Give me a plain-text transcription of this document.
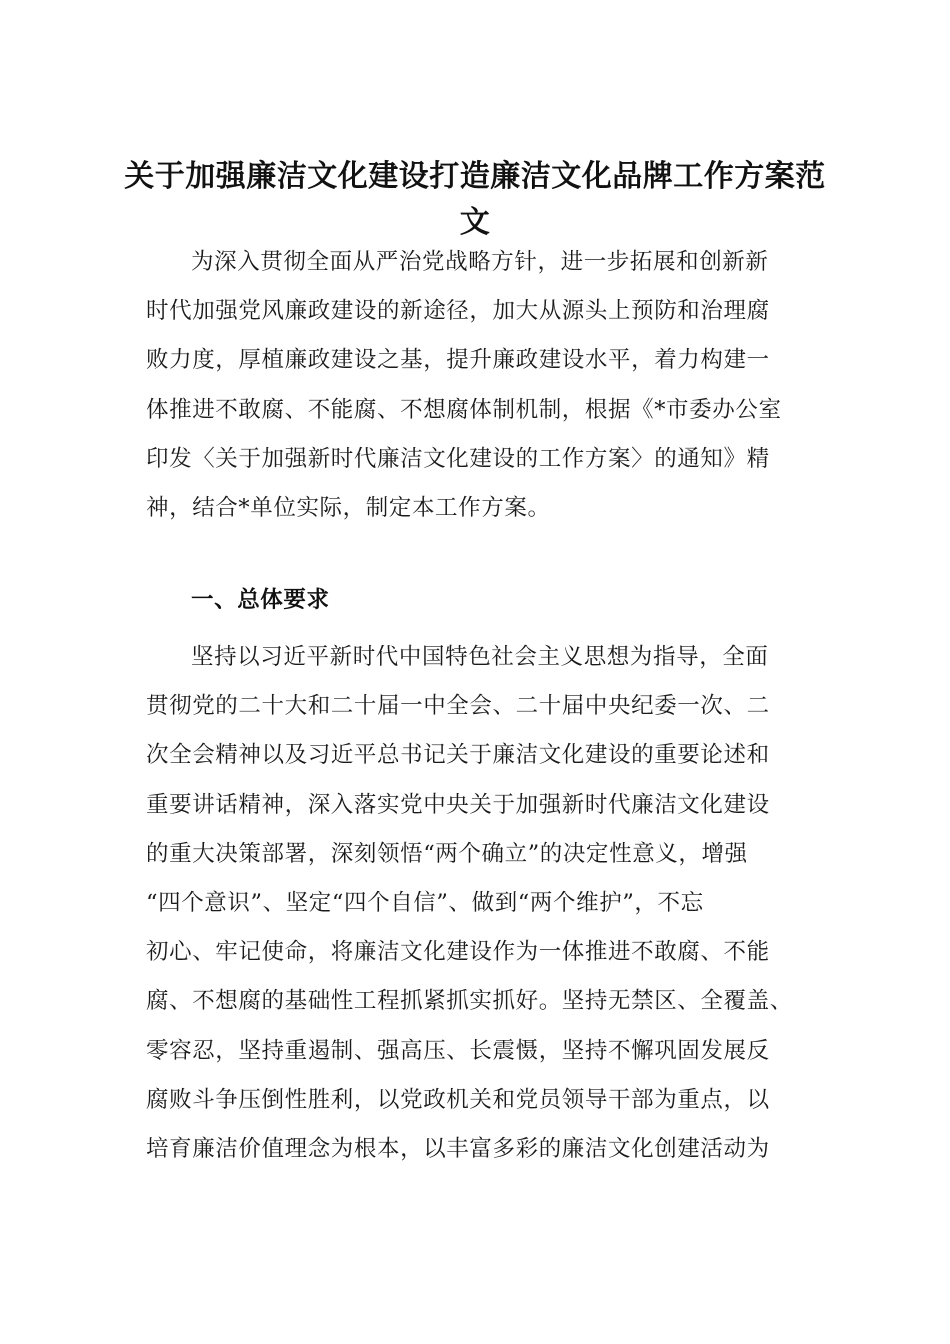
关于加强廉洁文化建设打造廉洁文化品牌工作方案范
文
为深入贯彻全面从严治党战略方针，进一步拓展和创新新
时代加强党风廉政建设的新途径，加大从源头上预防和治理腐
败力度，厚植廉政建设之基，提升廉政建设水平，着力构建一
体推进不敢腐、不能腐、不想腐体制机制，根据《*市委办公室
印发〈关于加强新时代廉洁文化建设的工作方案〉的通知》精
神，结合*单位实际，制定本工作方案。
一、总体要求
坚持以习近平新时代中国特色社会主义思想为指导，全面
贯彻党的二十大和二十届一中全会、二十届中央纪委一次、二
次全会精神以及习近平总书记关于廉洁文化建设的重要论述和
重要讲话精神，深入落实党中央关于加强新时代廉洁文化建设
的重大决策部署，深刻领悟“两个确立”的决定性意义，增强
“四个意识”、坚定“四个自信”、做到“两个维护”，不忘
初心、牢记使命，将廉洁文化建设作为一体推进不敢腐、不能
腐、不想腐的基础性工程抓紧抓实抓好。坚持无禁区、全覆盖、
零容忍，坚持重遏制、强高压、长震慑，坚持不懈巩固发展反
腐败斗争压倒性胜利，以党政机关和党员领导干部为重点，以
培育廉洁价值理念为根本，以丰富多彩的廉洁文化创建活动为
